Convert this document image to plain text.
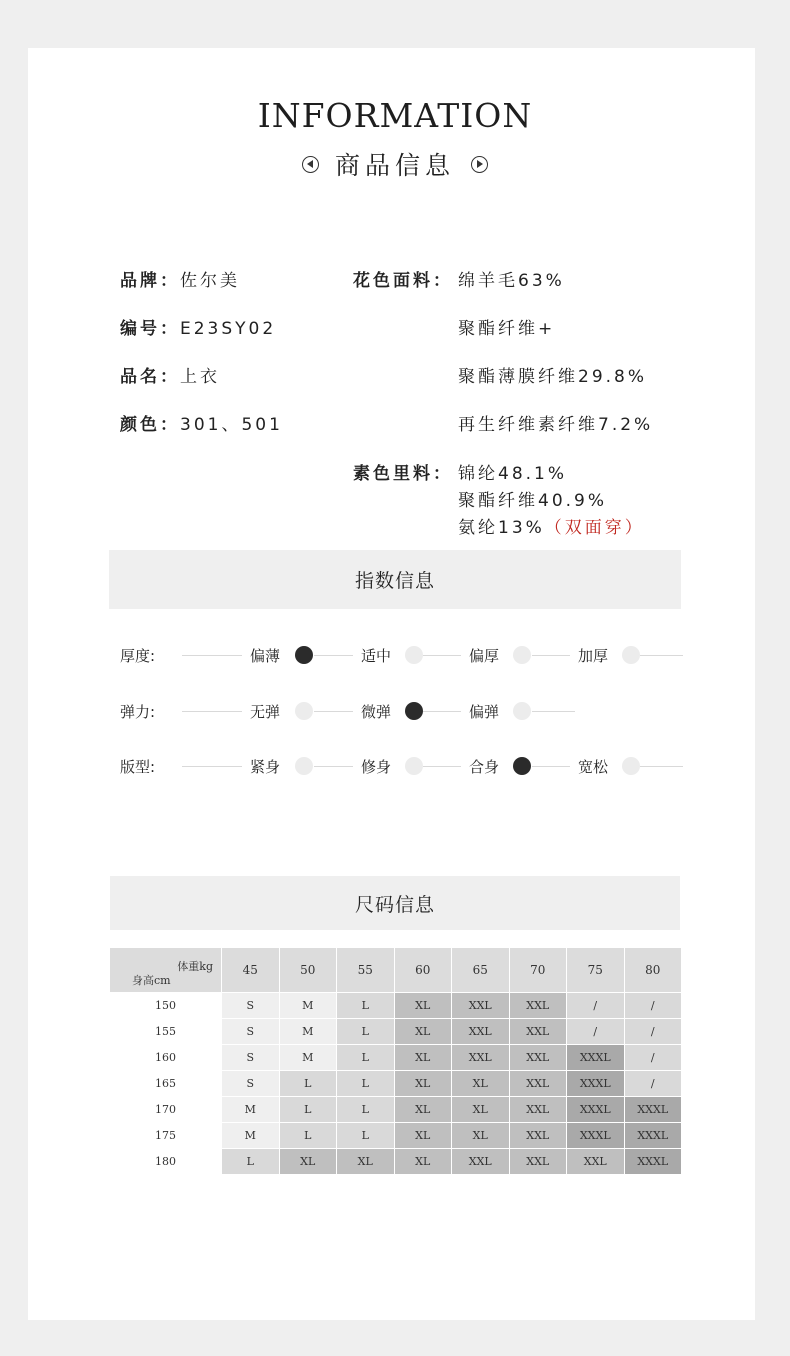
INFORMATION
商品信息
品牌：佐尔美
编号：E23SY02
品名：上衣
颜色：301、501
花色面料： 绵羊毛63%
聚酯纤维+
聚酯薄膜纤维29.8%
再生纤维素纤维7.2%
素色里料： 锦纶48.1%
聚酯纤维40.9%
氨纶13%（双面穿）
指数信息
厚度:	偏薄	适中	偏厚	加厚
弹力:	无弹	微弹	偏弹
版型:	紧身	修身	合身	宽松
尺码信息
体重kg
身高cm	45	50	55	60	65	70	75	80
150	S	M	L	XL	XXL	XXL	/	/
155	S	M	L	XL	XXL	XXL	/	/
160	S	M	L	XL	XXL	XXL	XXXL	/
165	S	L	L	XL	XL	XXL	XXXL	/
170	M	L	L	XL	XL	XXL	XXXL	XXXL
175	M	L	L	XL	XL	XXL	XXXL	XXXL
180	L	XL	XL	XL	XXL	XXL	XXL	XXXL
